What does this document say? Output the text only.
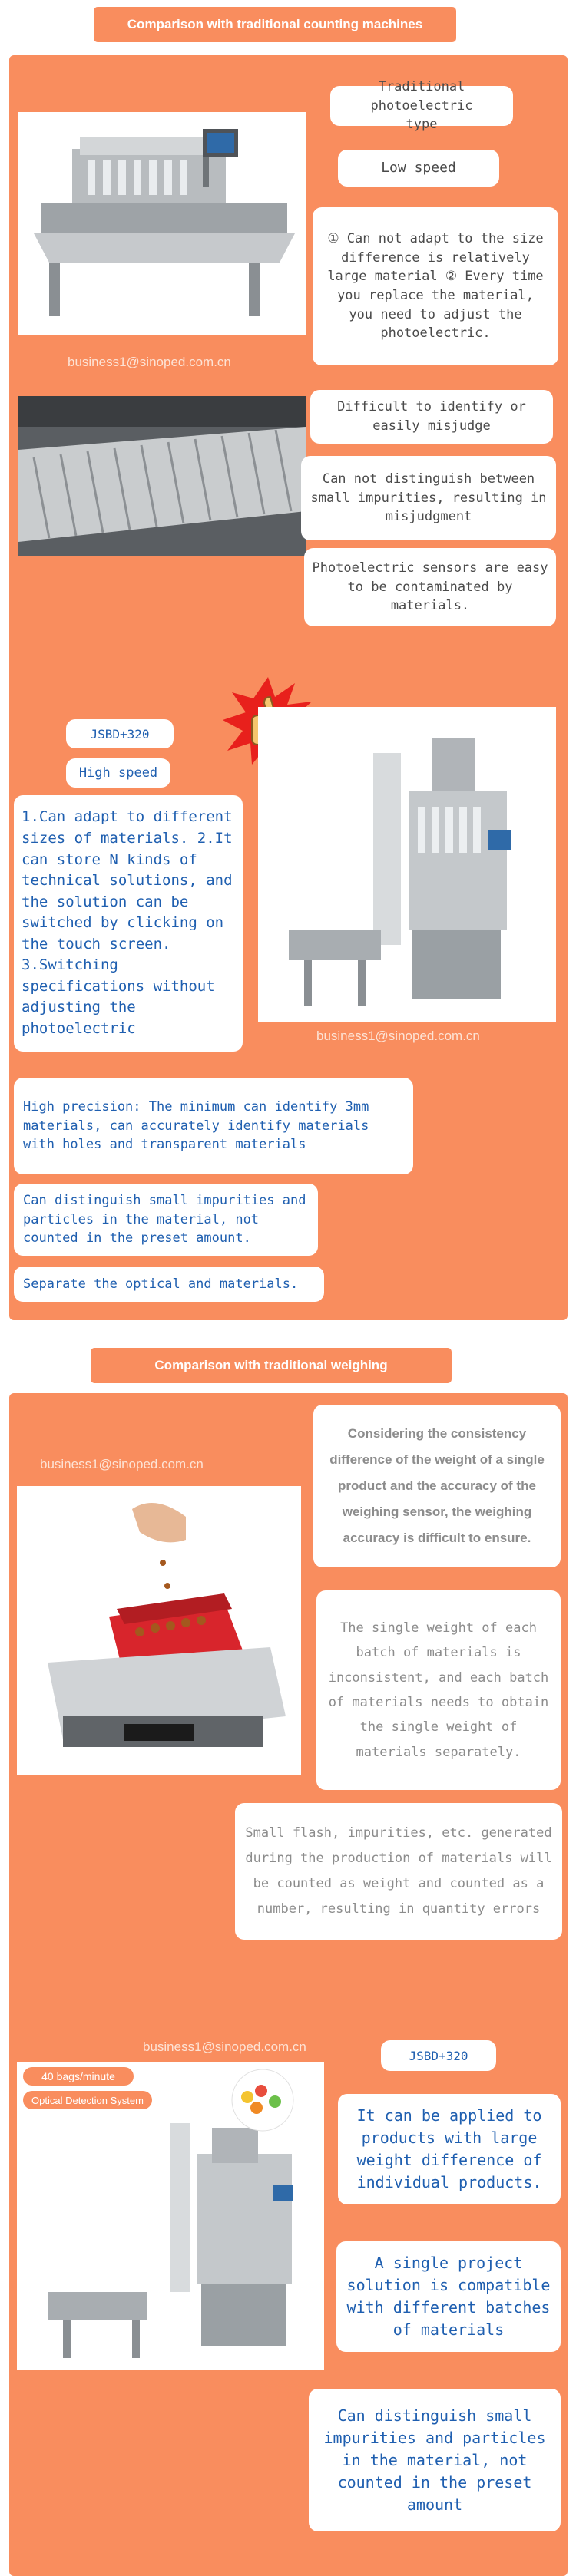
Comparison with traditional counting machines
business1@sinoped.com.cn
Traditional photoelectric type
Low speed
① Can not adapt to the size difference is relatively large material ② Every time you replace the material, you need to adjust the photoelectric.
Difficult to identify or easily misjudge
Can not distinguish between small impurities, resulting in misjudgment
Photoelectric sensors are easy to be contaminated by materials.
JSBD+320
High speed
business1@sinoped.com.cn
1.Can adapt to different sizes of materials. 2.It can store N kinds of technical solutions, and the solution can be switched by clicking on the touch screen. 3.Switching specifications without adjusting the photoelectric
High precision: The minimum can identify 3mm materials, can accurately identify materials with holes and transparent materials
Can distinguish small impurities and particles in the material, not counted in the preset amount.
Separate the optical and materials.
Comparison with traditional weighing
business1@sinoped.com.cn
Considering the consistency difference of the weight of a single product and the accuracy of the weighing sensor, the weighing accuracy is difficult to ensure.
The single weight of each batch of materials is inconsistent, and each batch of materials needs to obtain the single weight of materials separately.
Small flash, impurities, etc. generated during the production of materials will be counted as weight and counted as a number, resulting in quantity errors
business1@sinoped.com.cn
JSBD+320
40 bags/minute
Optical Detection System
It can be applied to products with large weight difference of individual products.
A single project solution is compatible with different batches of materials
Can distinguish small impurities and particles in the material, not counted in the preset amount
